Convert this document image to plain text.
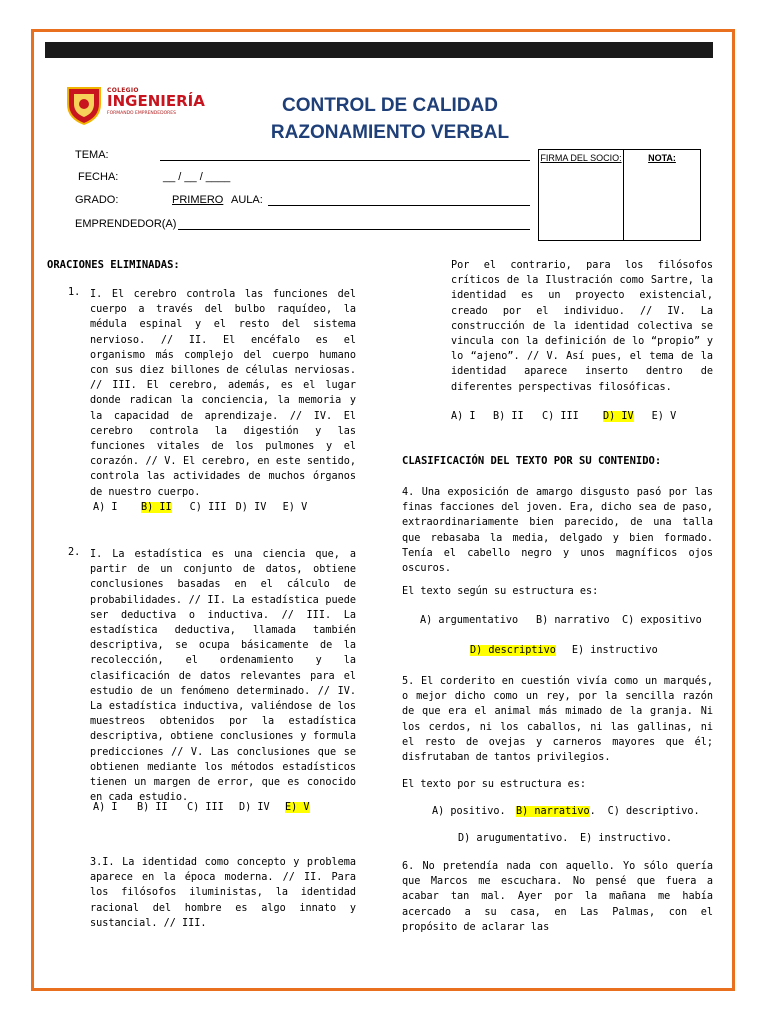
COLEGIO
INGENIERÍA
FORMANDO EMPRENDEDORES	CONTROL DE CALIDAD
RAZONAMIENTO VERBAL
TEMA:
FECHA:	__ / __ / ____
GRADO:	PRIMERO AULA:
EMPRENDEDOR(A)
FIRMA DEL SOCIO:	NOTA:
ORACIONES ELIMINADAS:
1. I. El cerebro controla las funciones del cuerpo a través del bulbo raquídeo, la médula espinal y el resto del sistema nervioso. // II. El encéfalo es el organismo más complejo del cuerpo humano con sus diez billones de células nerviosas. // III. El cerebro, además, es el lugar donde radican la conciencia, la memoria y la capacidad de aprendizaje. // IV. El cerebro controla la digestión y las funciones vitales de los pulmones y el corazón. // V. El cerebro, en este sentido, controla las actividades de muchos órganos de nuestro cuerpo.
A) I B) II C) III D) IV E) V
2. I. La estadística es una ciencia que, a partir de un conjunto de datos, obtiene conclusiones basadas en el cálculo de probabilidades. // II. La estadística puede ser deductiva o inductiva. // III. La estadística deductiva, llamada también descriptiva, se ocupa básicamente de la recolección, el ordenamiento y la clasificación de datos relevantes para el estudio de un fenómeno determinado. // IV. La estadística inductiva, valiéndose de los muestreos obtenidos por la estadística descriptiva, obtiene conclusiones y formula predicciones // V. Las conclusiones que se obtienen mediante los métodos estadísticos tienen un margen de error, que es conocido en cada estudio.
A) I B) II C) III D) IV E) V
3.I. La identidad como concepto y problema aparece en la época moderna. // II. Para los filósofos iluministas, la identidad racional del hombre es algo innato y sustancial. // III.
Por el contrario, para los filósofos críticos de la Ilustración como Sartre, la identidad es un proyecto existencial, creado por el individuo. // IV. La construcción de la identidad colectiva se vincula con la definición de lo “propio” y lo “ajeno”. // V. Así pues, el tema de la identidad aparece inserto dentro de diferentes perspectivas filosóficas.
A) I B) II C) III D) IV E) V
CLASIFICACIÓN DEL TEXTO POR SU CONTENIDO:
4. Una exposición de amargo disgusto pasó por las finas facciones del joven. Era, dicho sea de paso, extraordinariamente bien parecido, de una talla que rebasaba la media, delgado y bien formado. Tenía el cabello negro y unos magníficos ojos oscuros.
El texto según su estructura es:
A) argumentativo B) narrativo C) expositivo
D) descriptivo E) instructivo
5. El corderito en cuestión vivía como un marqués, o mejor dicho como un rey, por la sencilla razón de que era el animal más mimado de la granja. Ni los cerdos, ni los caballos, ni las gallinas, ni el resto de ovejas y carneros mayores que él; disfrutaban de tantos privilegios.
El texto por su estructura es:
A) positivo. B) narrativo. C) descriptivo.
D) arugumentativo. E) instructivo.
6. No pretendía nada con aquello. Yo sólo quería que Marcos me escuchara. No pensé que fuera a acabar tan mal. Ayer por la mañana me había acercado a su casa, en Las Palmas, con el propósito de aclarar las
